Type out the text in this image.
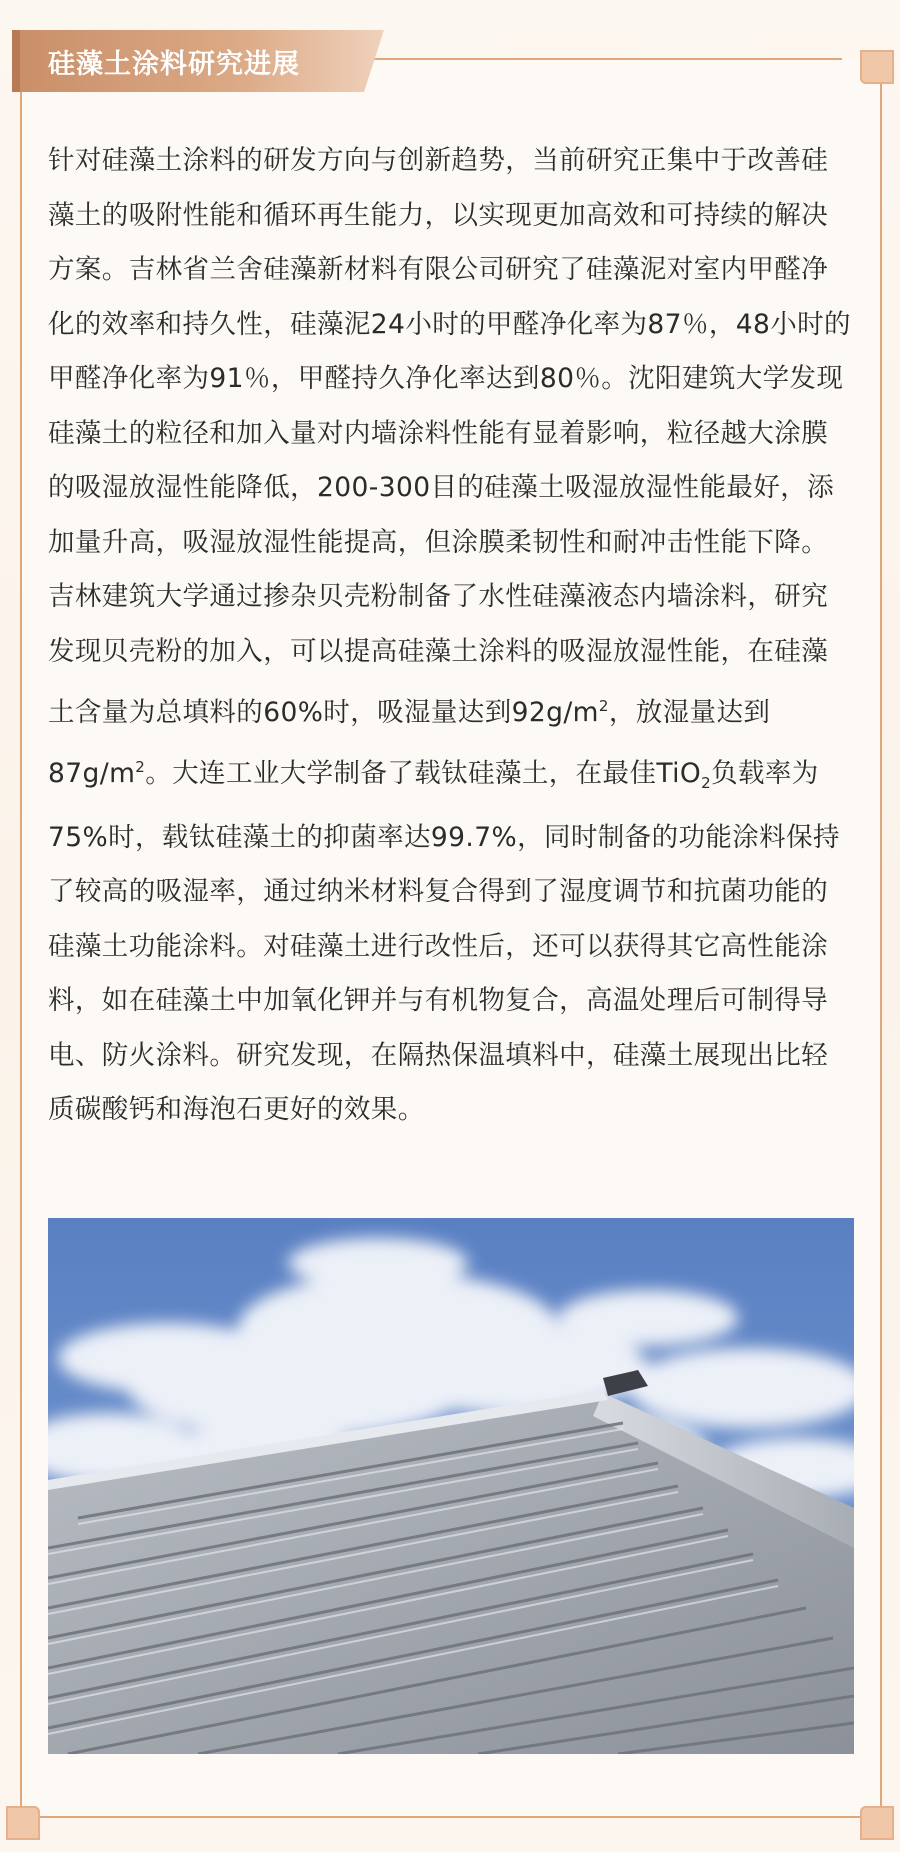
硅藻土涂料研究进展
针对硅藻土涂料的研发方向与创新趋势，当前研究正集中于改善硅藻土的吸附性能和循环再生能力，以实现更加高效和可持续的解决方案。吉林省兰舍硅藻新材料有限公司研究了硅藻泥对室内甲醛净化的效率和持久性，硅藻泥24小时的甲醛净化率为87％，48小时的甲醛净化率为91％，甲醛持久净化率达到80％。沈阳建筑大学发现硅藻土的粒径和加入量对内墙涂料性能有显着影响，粒径越大涂膜的吸湿放湿性能降低，200-300目的硅藻土吸湿放湿性能最好，添加量升高，吸湿放湿性能提高，但涂膜柔韧性和耐冲击性能下降。吉林建筑大学通过掺杂贝壳粉制备了水性硅藻液态内墙涂料，研究发现贝壳粉的加入，可以提高硅藻土涂料的吸湿放湿性能，在硅藻土含量为总填料的60%时，吸湿量达到$92g/m^2$，放湿量达到$87g/m^2$。大连工业大学制备了载钛硅藻土，在最佳TiO$_2$负载率为75%时，载钛硅藻土的抑菌率达99.7%，同时制备的功能涂料保持了较高的吸湿率，通过纳米材料复合得到了湿度调节和抗菌功能的硅藻土功能涂料。对硅藻土进行改性后，还可以获得其它高性能涂料，如在硅藻土中加氧化钾并与有机物复合，高温处理后可制得导电、防火涂料。研究发现，在隔热保温填料中，硅藻土展现出比轻质碳酸钙和海泡石更好的效果。
